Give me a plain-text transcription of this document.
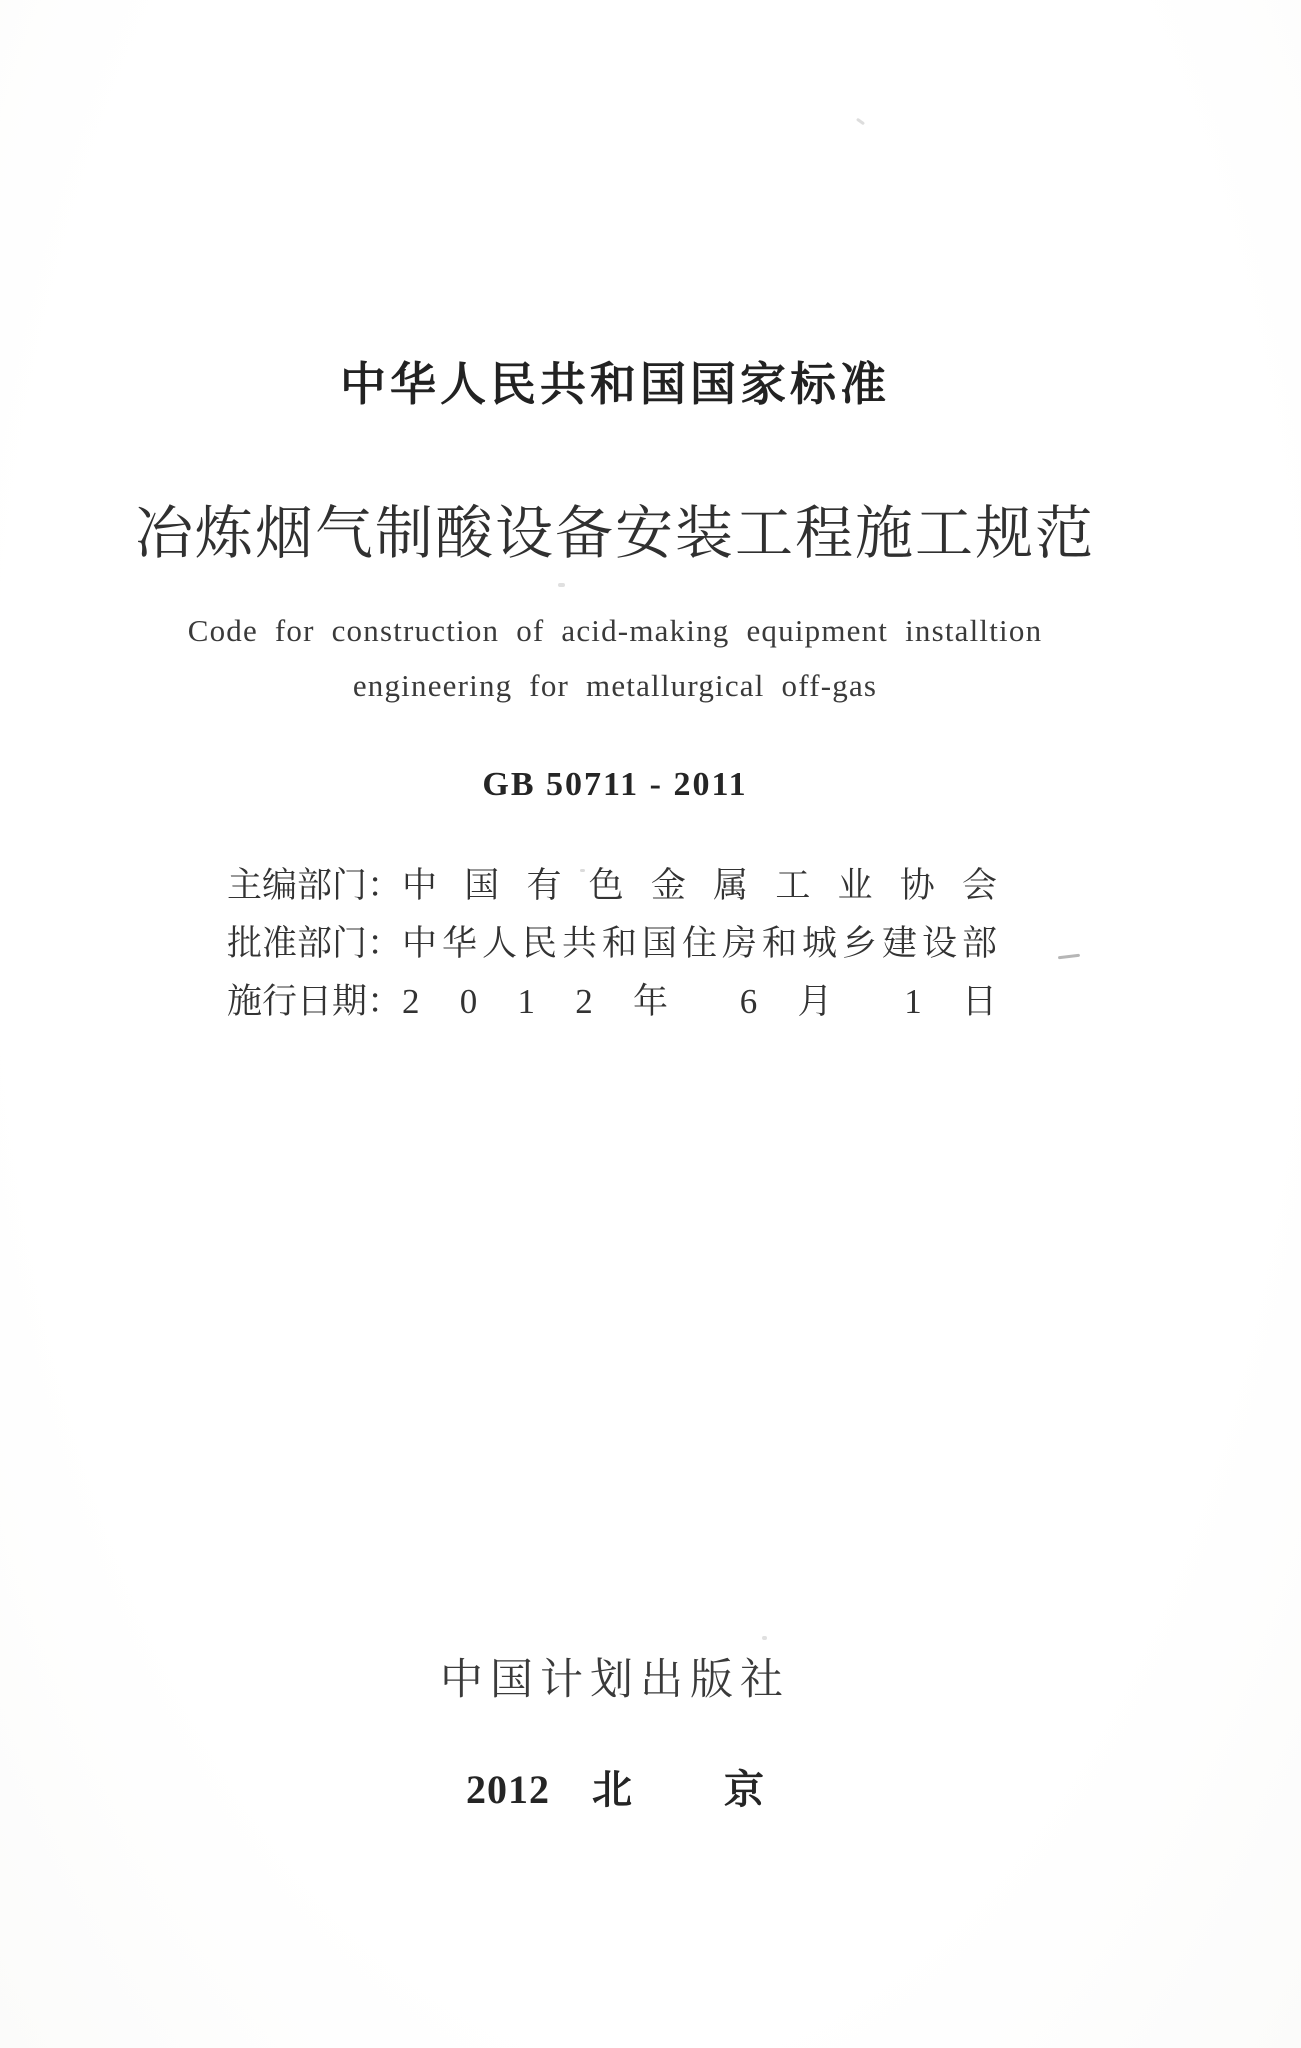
中华人民共和国国家标准
冶炼烟气制酸设备安装工程施工规范
Code for construction of acid-making equipment installtion
engineering for metallurgical off-gas
GB 50711 - 2011
主编部门：中 国 有 色 金 属 工 业 协 会
批准部门：中华人民共和国住房和城乡建设部
施行日期：2 0 1 2 年 6 月 1 日
中国计划出版社
2012 北 京
